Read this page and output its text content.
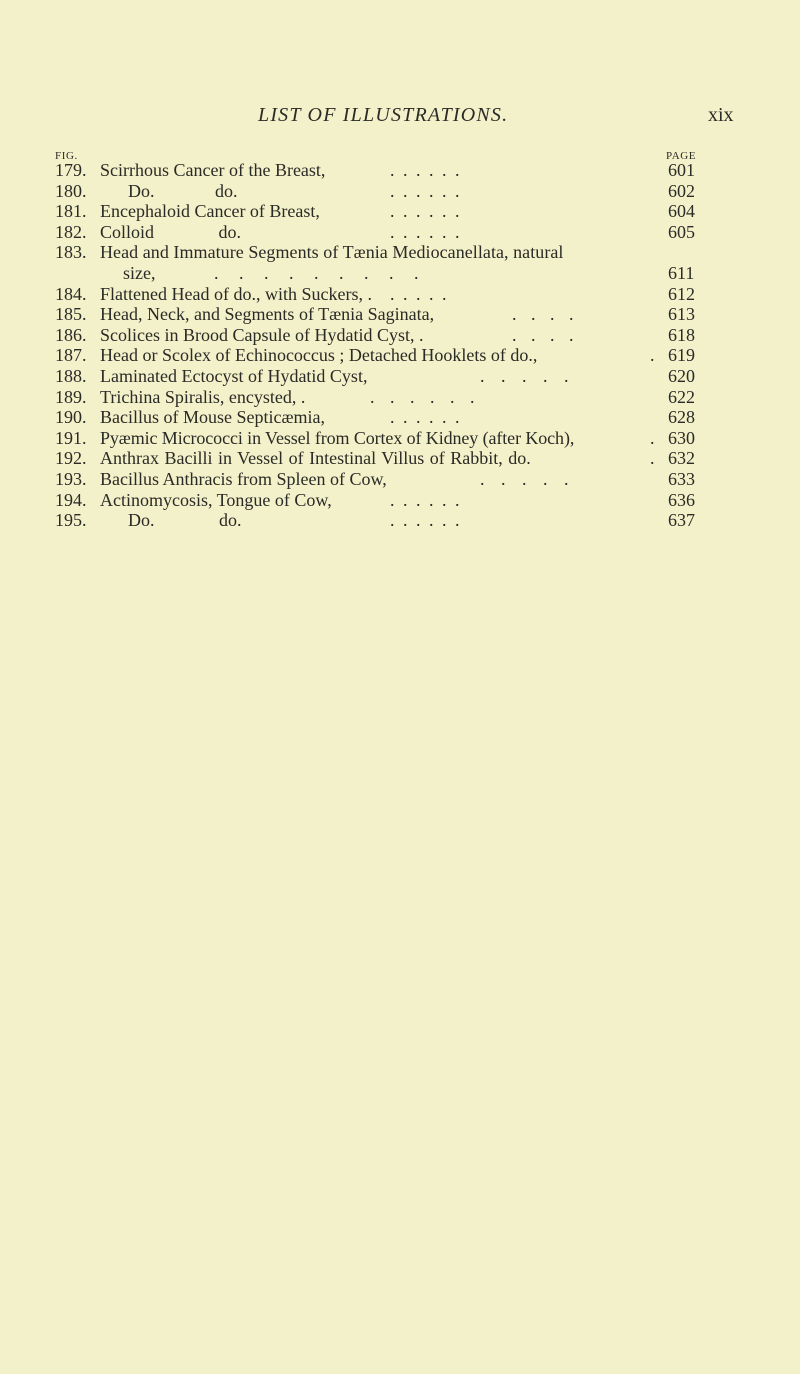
LIST OF ILLUSTRATIONS.	xix
FIG.	PAGE
179. Scirrhous Cancer of the Breast,	. . . . . .	601
180. Do. do.	. . . . . .	602
181. Encephaloid Cancer of Breast,	. . . . . .	604
182. Colloid do.	. . . . . .	605
183. Head and Immature Segments of Tænia Mediocanellata, natural
size,	. . . . . . . . .	611
184. Flattened Head of do., with Suckers, . . . . . .	612
185. Head, Neck, and Segments of Tænia Saginata,	. . . .	613
186. Scolices in Brood Capsule of Hydatid Cyst, .	. . . .	618
187. Head or Scolex of Echinococcus ; Detached Hooklets of do.,	. 619
188. Laminated Ectocyst of Hydatid Cyst,	. . . . .	620
189. Trichina Spiralis, encysted, .	. . . . . .	622
190. Bacillus of Mouse Septicæmia,	. . . . . .	628
191. Pyæmic Micrococci in Vessel from Cortex of Kidney (after Koch),	. 630
192. Anthrax Bacilli in Vessel of Intestinal Villus of Rabbit, do.	. 632
193. Bacillus Anthracis from Spleen of Cow,	. . . . .	633
194. Actinomycosis, Tongue of Cow,	. . . . . .	636
195. Do. do.	. . . . . .	637
